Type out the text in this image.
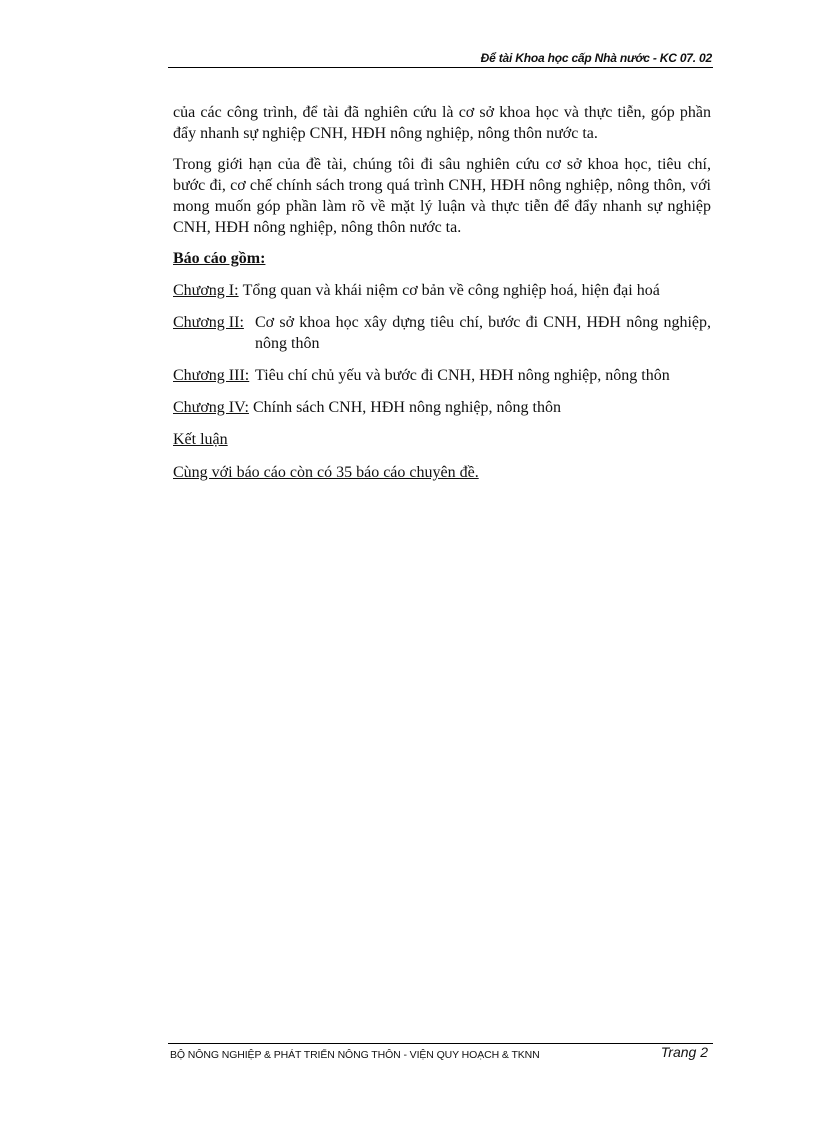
Để tài Khoa học cấp Nhà nước - KC 07. 02

của các công trình, để tài đã nghiên cứu là cơ sở khoa học và thực tiễn, góp phần đẩy nhanh sự nghiệp CNH, HĐH nông nghiệp, nông thôn nước ta.

Trong giới hạn của đề tài, chúng tôi đi sâu nghiên cứu cơ sở khoa học, tiêu chí, bước đi, cơ chế chính sách trong quá trình CNH, HĐH nông nghiệp, nông thôn, với mong muốn góp phần làm rõ về mặt lý luận và thực tiễn để đẩy nhanh sự nghiệp CNH, HĐH nông nghiệp, nông thôn nước ta.

Báo cáo gồm:
Chương I: Tổng quan và khái niệm cơ bản về công nghiệp hoá, hiện đại hoá
Chương II: Cơ sở khoa học xây dựng tiêu chí, bước đi CNH, HĐH nông nghiệp, nông thôn
Chương III: Tiêu chí chủ yếu và bước đi CNH, HĐH nông nghiệp, nông thôn
Chương IV: Chính sách CNH, HĐH nông nghiệp, nông thôn
Kết luận
Cùng với báo cáo còn có 35 báo cáo chuyên đề.
BỘ NÔNG NGHIỆP & PHÁT TRIỂN NÔNG THÔN - VIỆN QUY HOẠCH & TKNN	Trang 2
